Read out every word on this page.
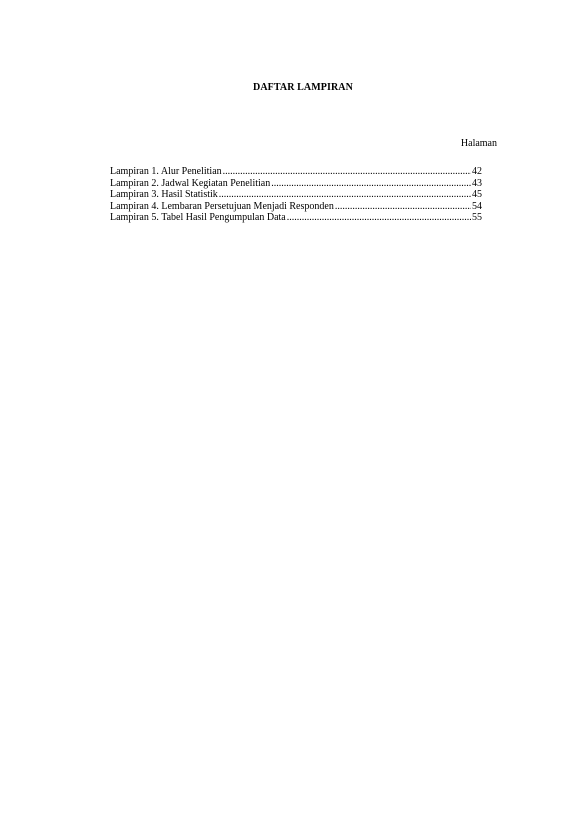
DAFTAR LAMPIRAN
Halaman
Lampiran 1. Alur Penelitian .....	42
Lampiran 2. Jadwal Kegiatan Penelitian .....	43
Lampiran 3. Hasil Statistik .....	45
Lampiran 4. Lembaran Persetujuan Menjadi Responden .....	54
Lampiran 5. Tabel Hasil Pengumpulan Data .....	55
